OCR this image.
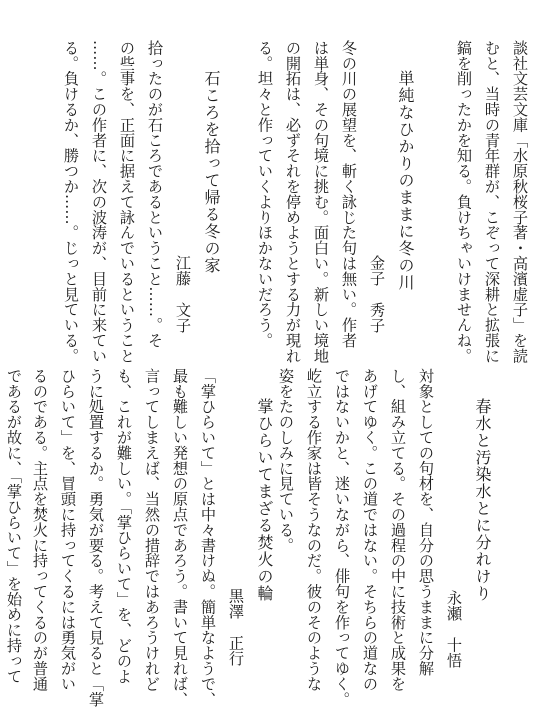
談社文芸文庫「水原秋桜子著・高濱虚子」を読
むと、当時の青年群が、こぞって深耕と拡張に
鎬を削ったかを知る。負けちゃいけませんね。
単純なひかりのままに冬の川
金子　秀子
冬の川の展望を、斬く詠じた句は無い。作者
は単身、その句境に挑む。面白い。新しい境地
の開拓は、必ずそれを停めようとする力が現れ
る。坦々と作っていくよりほかないだろう。
石ころを拾って帰る冬の家
江藤　文子
拾ったのが石ころであるということ……。そ
の些事を、正面に据えて詠んでいるということ
……。この作者に、次の波涛が、目前に来てい
る。負けるか、勝つか……。じっと見ている。
春水と汚染水とに分れけり
永瀬　十悟
対象としての句材を、自分の思うままに分解
し、組み立てる。その過程の中に技術と成果を
あげてゆく。この道ではない。そちらの道なの
ではないかと、迷いながら、俳句を作ってゆく。
屹立する作家は皆そうなのだ。彼のそのような
姿をたのしみに見ている。
掌ひらいてまざる焚火の輪
黒澤　正行
「掌ひらいて」とは中々書けぬ。簡単なようで、
最も難しい発想の原点であろう。書いて見れば、
言ってしまえば、当然の措辞ではあろうけれど
も、これが難しい。「掌ひらいて」を、どのよ
うに処置するか。勇気が要る。考えて見ると「掌
ひらいて」を、冒頭に持ってくるには勇気がい
るのである。主点を焚火に持ってくるのが普通
であるが故に、「掌ひらいて」を始めに持って
